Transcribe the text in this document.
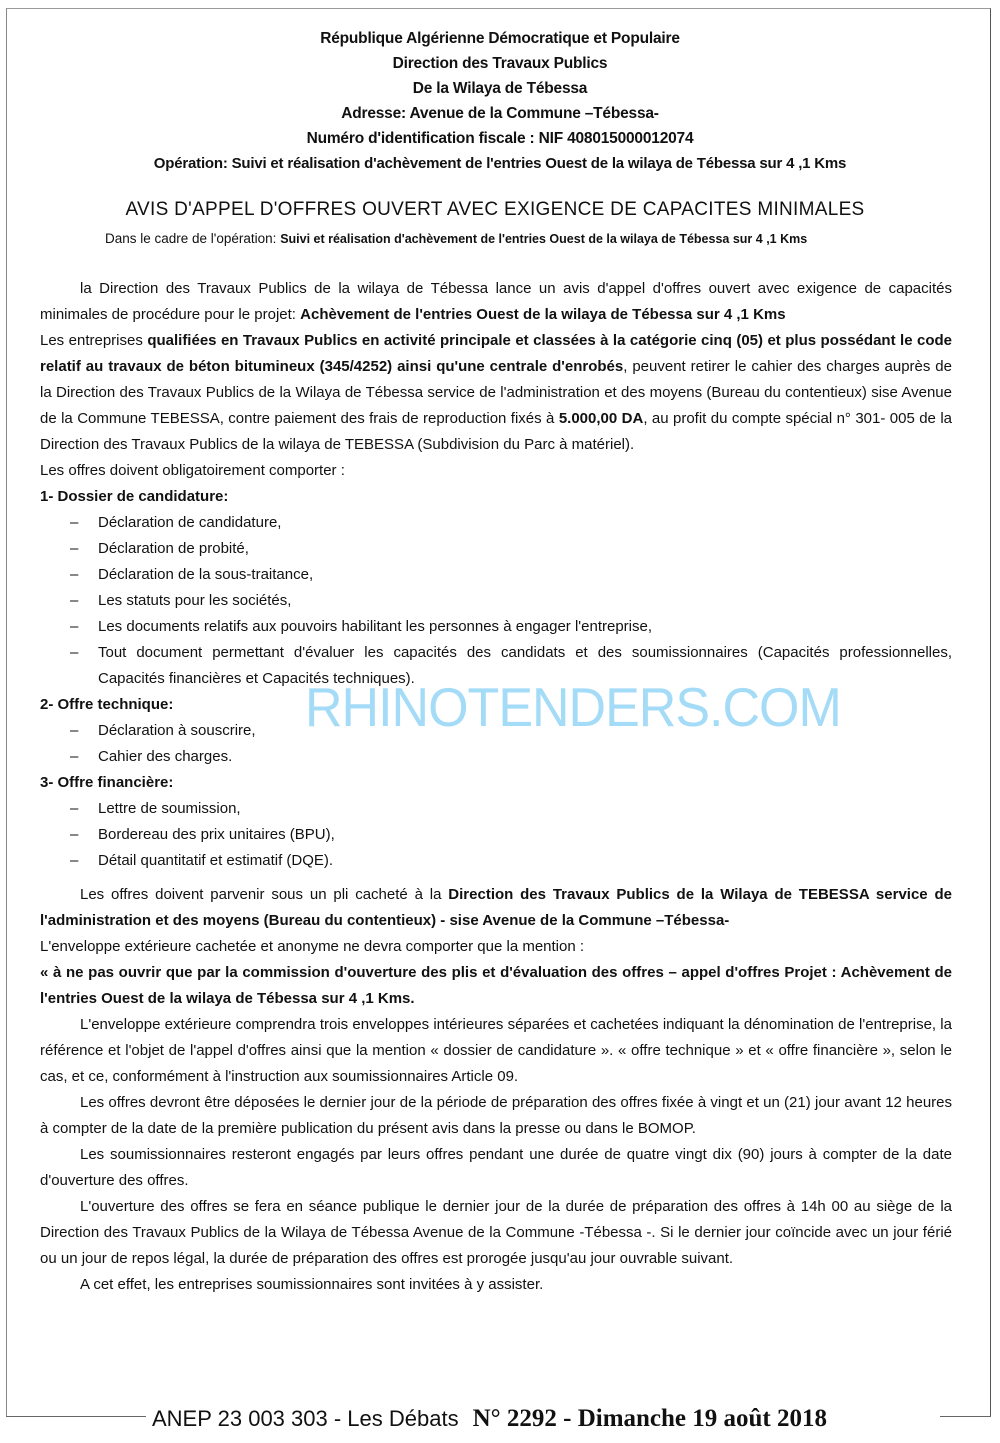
République Algérienne Démocratique et Populaire
Direction des Travaux Publics
De la Wilaya de Tébessa
Adresse: Avenue de la Commune –Tébessa-
Numéro d'identification fiscale : NIF 408015000012074
Opération: Suivi et réalisation d'achèvement de l'entries Ouest de la wilaya de Tébessa sur 4 ,1 Kms
AVIS D'APPEL D'OFFRES OUVERT AVEC EXIGENCE DE CAPACITES MINIMALES
Dans le cadre de l'opération: Suivi et réalisation d'achèvement de l'entries Ouest de la wilaya de Tébessa sur 4 ,1 Kms

la Direction des Travaux Publics de la wilaya de Tébessa lance un avis d'appel d'offres ouvert avec exigence de capacités minimales de procédure pour le projet: Achèvement de l'entries Ouest de la wilaya de Tébessa sur 4 ,1 Kms

Les entreprises qualifiées en Travaux Publics en activité principale et classées à la catégorie cinq (05) et plus possédant le code relatif au travaux de béton bitumineux (345/4252) ainsi qu'une centrale d'enrobés, peuvent retirer le cahier des charges auprès de la Direction des Travaux Publics de la Wilaya de Tébessa service de l'administration et des moyens (Bureau du contentieux) sise Avenue de la Commune TEBESSA, contre paiement des frais de reproduction fixés à 5.000,00 DA, au profit du compte spécial n° 301- 005 de la Direction des Travaux Publics de la wilaya de TEBESSA (Subdivision du Parc à matériel).

Les offres doivent obligatoirement comporter :

1- Dossier de candidature:

– Déclaration de candidature,
– Déclaration de probité,
– Déclaration de la sous-traitance,
– Les statuts pour les sociétés,
– Les documents relatifs aux pouvoirs habilitant les personnes à engager l'entreprise,
– Tout document permettant d'évaluer les capacités des candidats et des soumissionnaires (Capacités professionnelles, Capacités financières et Capacités techniques).

2- Offre technique:

– Déclaration à souscrire,
– Cahier des charges.

3- Offre financière:

– Lettre de soumission,
– Bordereau des prix unitaires (BPU),
– Détail quantitatif et estimatif (DQE).

Les offres doivent parvenir sous un pli cacheté à la Direction des Travaux Publics de la Wilaya de TEBESSA service de l'administration et des moyens (Bureau du contentieux) - sise Avenue de la Commune –Tébessa-

L'enveloppe extérieure cachetée et anonyme ne devra comporter que la mention :

« à ne pas ouvrir que par la commission d'ouverture des plis et d'évaluation des offres – appel d'offres Projet : Achèvement de l'entries Ouest de la wilaya de Tébessa sur 4 ,1 Kms.

L'enveloppe extérieure comprendra trois enveloppes intérieures séparées et cachetées indiquant la dénomination de l'entreprise, la référence et l'objet de l'appel d'offres ainsi que la mention « dossier de candidature ». « offre technique » et « offre financière », selon le cas, et ce, conformément à l'instruction aux soumissionnaires Article 09.

Les offres devront être déposées le dernier jour de la période de préparation des offres fixée à vingt et un (21) jour avant 12 heures à compter de la date de la première publication du présent avis dans la presse ou dans le BOMOP.

Les soumissionnaires resteront engagés par leurs offres pendant une durée de quatre vingt dix (90) jours à compter de la date d'ouverture des offres.

L'ouverture des offres se fera en séance publique le dernier jour de la durée de préparation des offres à 14h 00 au siège de la Direction des Travaux Publics de la Wilaya de Tébessa Avenue de la Commune -Tébessa -. Si le dernier jour coïncide avec un jour férié ou un jour de repos légal, la durée de préparation des offres est prorogée jusqu'au jour ouvrable suivant.

A cet effet, les entreprises soumissionnaires sont invitées à y assister.

RHINOTENDERS.COM
ANEP 23 003 303 - Les Débats N° 2292 - Dimanche 19 août 2018
